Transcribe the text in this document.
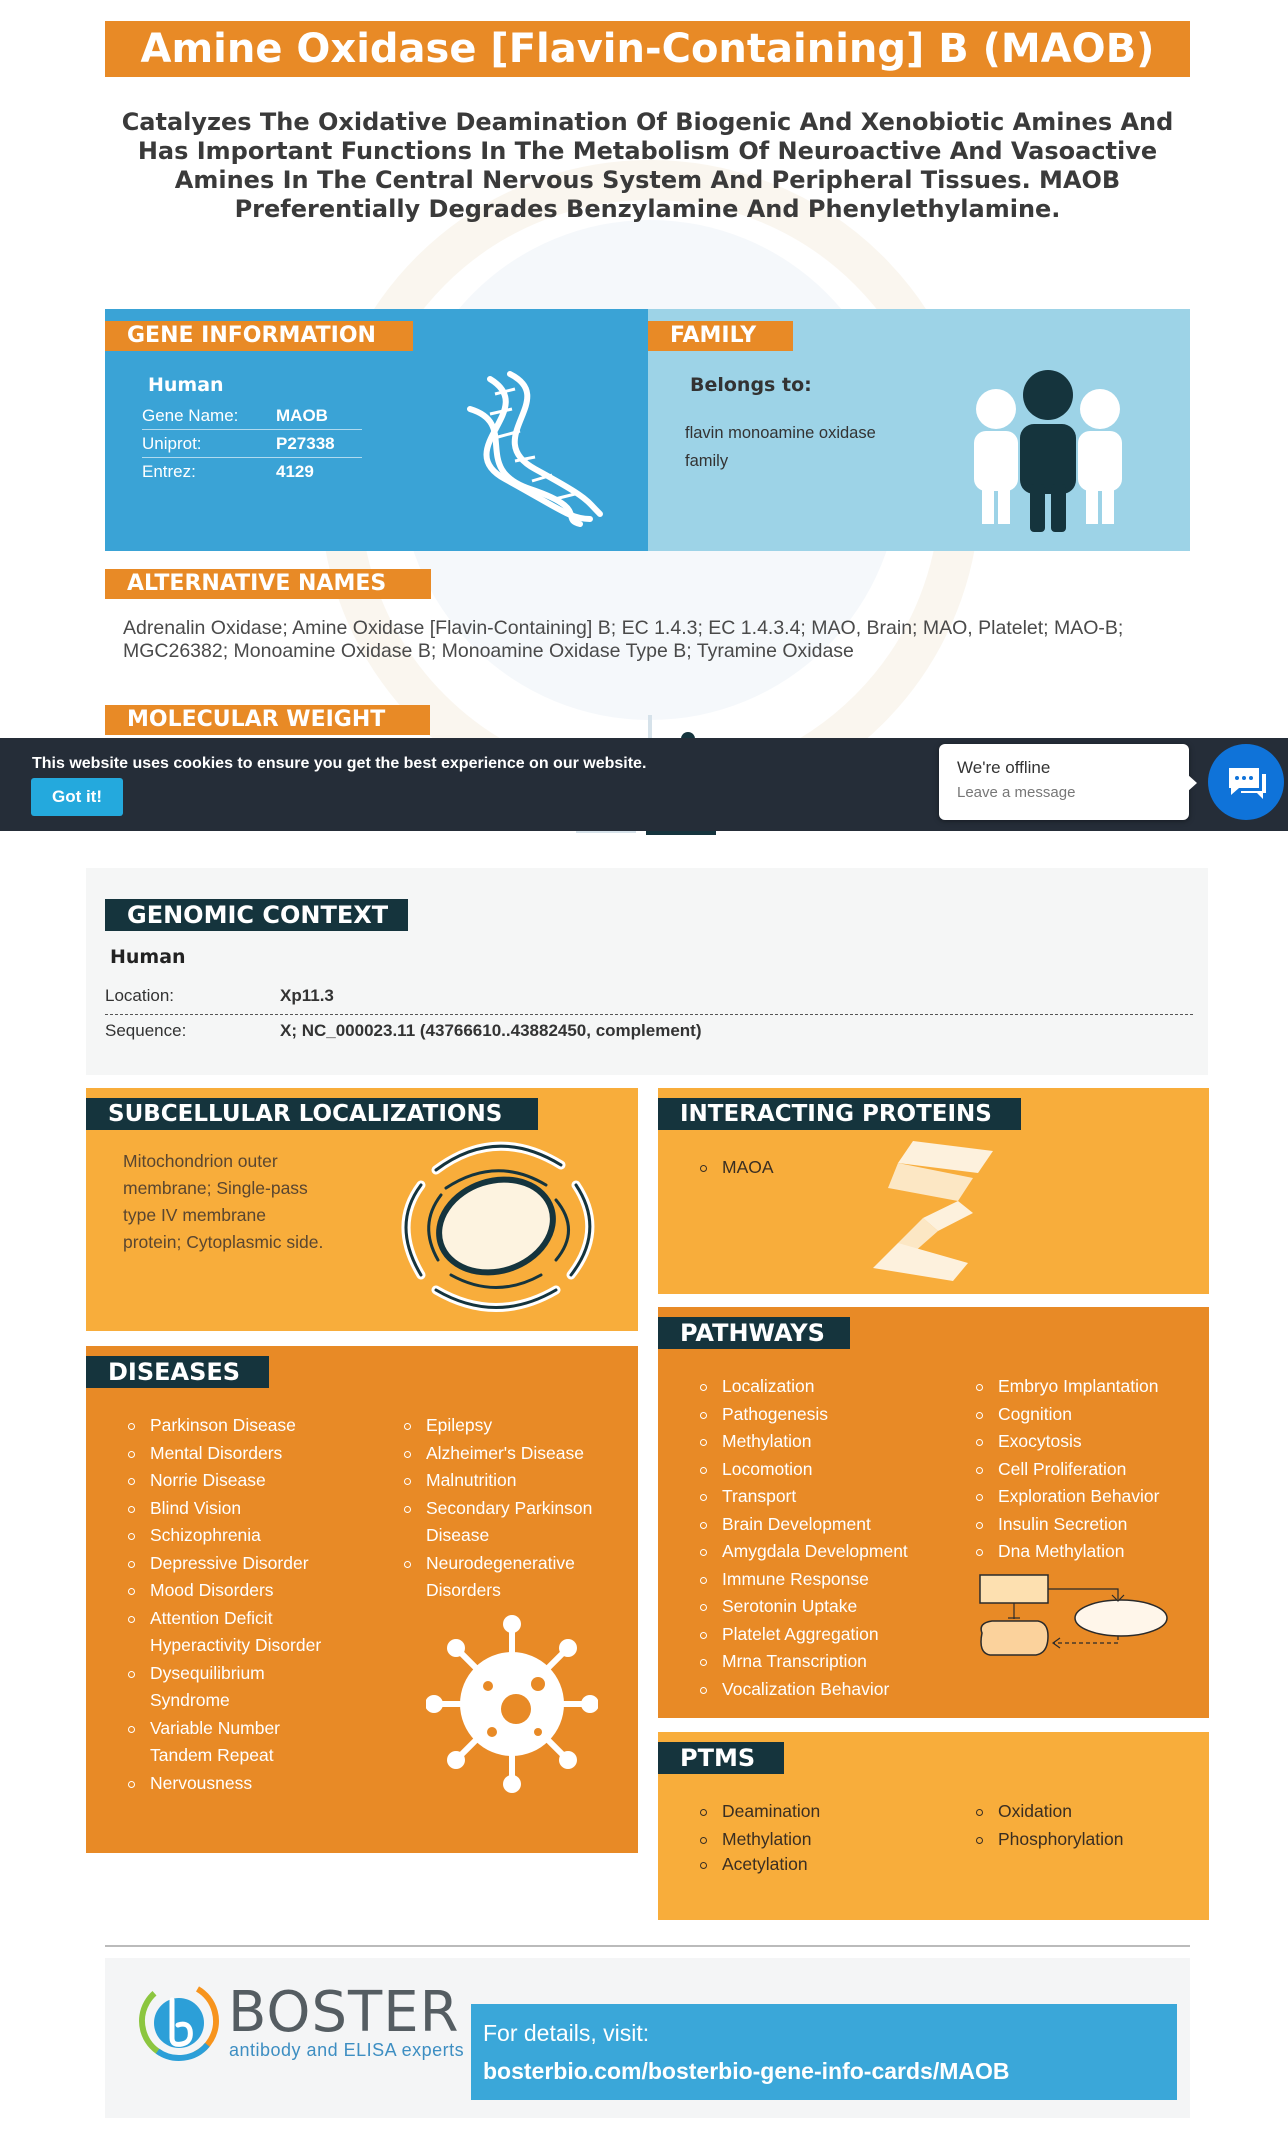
Amine Oxidase [Flavin-Containing] B (MAOB)
Catalyzes The Oxidative Deamination Of Biogenic And Xenobiotic Amines And Has Important Functions In The Metabolism Of Neuroactive And Vasoactive Amines In The Central Nervous System And Peripheral Tissues. MAOB Preferentially Degrades Benzylamine And Phenylethylamine.
GENE INFORMATION
Human
Gene Name: MAOB
Uniprot:	P27338
Entrez:	4129
FAMILY
Belongs to:
flavin monoamine oxidase
family
ALTERNATIVE NAMES
Adrenalin Oxidase; Amine Oxidase [Flavin-Containing] B; EC 1.4.3; EC 1.4.3.4; MAO, Brain; MAO, Platelet; MAO-B; MGC26382; Monoamine Oxidase B; Monoamine Oxidase Type B; Tyramine Oxidase
MOLECULAR WEIGHT
This website uses cookies to ensure you get the best experience on our website.
Got it!
We're offline
Leave a message
GENOMIC CONTEXT
Human
Location:	Xp11.3
Sequence:	X; NC_000023.11 (43766610..43882450, complement)
SUBCELLULAR LOCALIZATIONS
Mitochondrion outer
membrane; Single-pass
type IV membrane
protein; Cytoplasmic side.
INTERACTING PROTEINS
MAOA
DISEASES
Parkinson Disease
Mental Disorders
Norrie Disease
Blind Vision
Schizophrenia
Depressive Disorder
Mood Disorders
Attention Deficit
Hyperactivity Disorder
Dysequilibrium
Syndrome
Variable Number
Tandem Repeat
Nervousness
Epilepsy
Alzheimer's Disease
Malnutrition
Secondary Parkinson
Disease
Neurodegenerative
Disorders
PATHWAYS
Localization
Pathogenesis
Methylation
Locomotion
Transport
Brain Development
Amygdala Development
Immune Response
Serotonin Uptake
Platelet Aggregation
Mrna Transcription
Vocalization Behavior
Embryo Implantation
Cognition
Exocytosis
Cell Proliferation
Exploration Behavior
Insulin Secretion
Dna Methylation
PTMS
Deamination
Methylation
Acetylation
Oxidation
Phosphorylation
BOSTER
antibody and ELISA experts
For details, visit:
bosterbio.com/bosterbio-gene-info-cards/MAOB
